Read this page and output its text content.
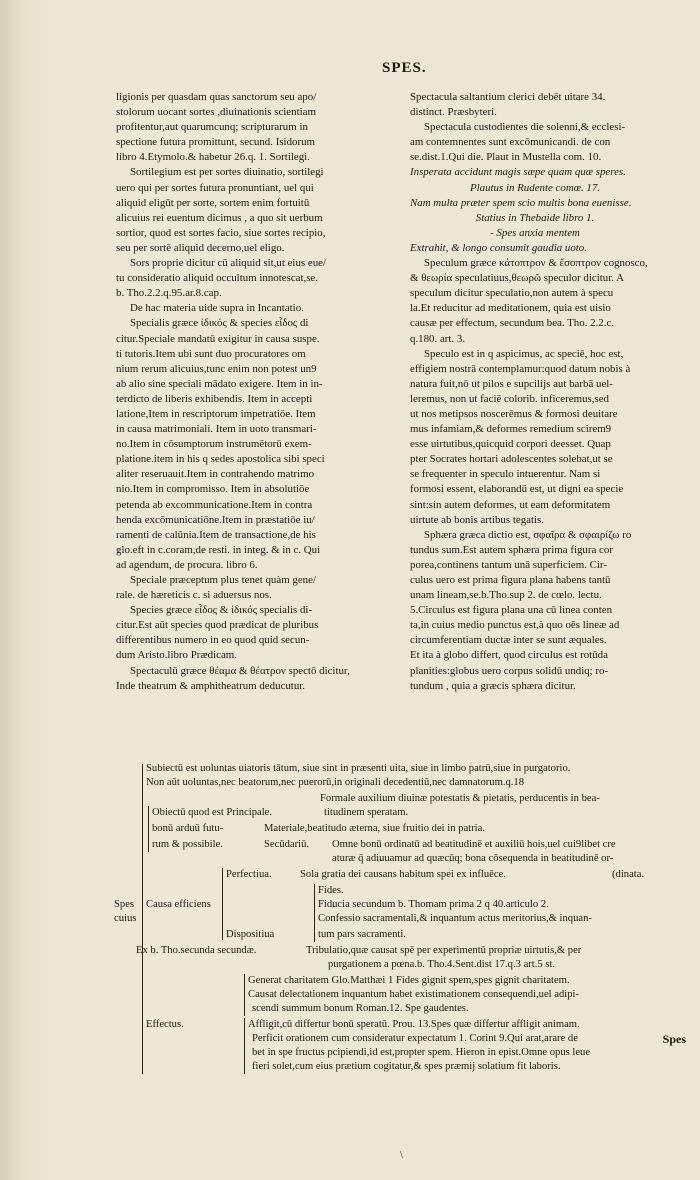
SPES.

ligionis per quasdam quas sanctorum seu apo/

stolorum uocant sortes ,diuinationis scientiam

profitentur,aut quarumcunq; scripturarum in

spectione futura promittunt, secund. Isidorum

libro 4.Etymolo.& habetur 26.q. 1. Sortilegi.

Sortilegium est per sortes diuinatio, sortilegi

uero qui per sortes futura pronuntiant, uel qui

aliquid eligūt per sorte, sortem enim fortuitū

alicuius rei euentum dicimus , a quo sit uerbum

sortior, quod est sortes facio, siue sortes recipio,

seu per sortē aliquid decerno,uel eligo.

Sors proprie dicitur cū aliquid sit,ut eius eue/

tu consideratio aliquid occultum innotescat,se.

b. Tho.2.2.q.95.ar.8.cap.

De hac materia uide supra in Incantatio.

Specialis græce ἰδικός & species εἶδος di

citur.Speciale mandatū exigitur in causa suspe.

ti tutoris.Item ubi sunt duo procuratores om

nium rerum alicuius,tunc enim non potest un9

ab alio sine speciali mādato exigere. Item in in-

terdicto de liberis exhibendis. Item in accepti

latione,Item in rescriptorum impetratiōe. Item

in causa matrimoniali. Item in uoto transmari-

no.Item in cōsumptorum instrumētorū exem-

platione.item in his q sedes apostolica sibi speci

aliter reseruauit.Item in contrahendo matrimo

nio.Item in compromisso. Item in absolutiōe

petenda ab excommunicatione.Item in contra

henda excōmunicatiōne.Item in præstatiōe iu/

ramenti de calūnia.Item de transactione,de his

glo.eft in c.coram,de resti. in integ. & in c. Qui

ad agendum, de procura. libro 6.

Speciale præceptum plus tenet quàm gene/

rale. de hæreticis c. si aduersus nos.

Species græce εἶδος & ἰδικός specialis di-

citur.Est aūt species quod prædicat de pluribus

differentibus numero in eo quod quid secun-

dum Aristo.libro Prædicam.

Spectaculū græce θέαμα & θέατρον spectō dicitur,

Inde theatrum & amphitheatrum deducutur.

Spectacula saltantium clerici debēt uitare 34.

distinct. Præsbyteri.

Spectacula custodientes die solenni,& ecclesi-

am contemnentes sunt excōmunicandi. de con

se.dist.1.Qui die. Plaut in Mustella com. 10.

Insperata accidunt magis sæpe quam quæ speres.

Plautus in Rudente comœ. 17.

Nam multa præter spem scio multis bona euenisse.

Statius in Thebaide libro 1.

- Spes anxia mentem

Extrahit, & longo consumit gaudia uoto.

Speculum græce κάτοπτρον & ἔσοπτρον cognosco,

& θεωρία speculatiuus,θεωρῶ speculor dicitur. A

speculum dicitur speculatio,non autem à specu

la.Et reducitur ad meditationem, quia est uisio

causæ per effectum, secundum bea. Tho. 2.2.c.

q.180. art. 3.

Speculo est in q aspicimus, ac speciē, hoc est,

effigiem nostrā contemplamur:quod datum nobis à

natura fuit,nō ut pilos e supcilijs aut barbā uel-

leremus, non ut faciē colorib. inficeremus,sed

ut nos metipsos noscerēmus & formosi deuitare

mus infamiam,& deformes remedium scirem9

esse uirtutibus,quicquid corpori deesset. Quap

pter Socrates hortari adolescentes solebat,ut se

se frequenter in speculo intuerentur. Nam si

formosi essent, elaborandū est, ut digni ea specie

sint:sin autem deformes, ut eam deformitatem

uirtute ab bonis artibus tegatis.

Sphæra græca dictio est, σφαῖρα & σφαιρίζω ro

tundus sum.Est autem sphæra prima figura cor

porea,continens tantum unā superficiem. Cir-

culus uero est prima figura plana habens tantū

unam lineam,se.b.Tho.sup 2. de cœlo. lectu.

5.Circulus est figura plana una cū linea conten

ta,in cuius medio punctus est,à quo oēs lineæ ad

circumferentiam ductæ inter se sunt æquales.

Et ita à globo differt, quod circulus est rotūda

planities:globus uero corpus solidū undiq; ro-

tundum , quia a græcis sphæra dicitur.

Subiectū est uoluntas uiatoris tātum, siue sint in præsenti uita, siue in limbo patrū,siue in purgatorio.
Non aūt uoluntas,nec beatorum,nec puerorū,in originali decedentiū,nec damnatorum.q.18
Formale auxilium diuinæ potestatis & pietatis, perducentis in bea-
Obiectū quod est Principale.	titudinem speratam.
bonū arduū futu-	Materiale,beatitudo æterna, siue fruitio dei in patria.
rum & possibile.	Secūdariū. Omne bonū ordinatū ad beatitudinē et auxiliū hois,uel cui9libet cre
aturæ q̄ adiuuamur ad quæcūq; bona cōsequenda in beatitudinē or-
Perfectiua.	Sola gratia dei causans habitum spei ex influēce.	(dinata.
Fides.
Spes Causa efficiens	Fiducia secundum b. Thomam prima 2 q 40.articulo 2.
cuius	Confessio sacramentali,& inquantum actus meritorius,& inquan-
Dispositiua	tum pars sacramenti.
Ex b. Tho.secunda secundæ.	Tribulatio,quæ causat spē per experimentū propriæ uirtutis,& per
purgationem a pœna.b. Tho.4.Sent.dist 17.q.3 art.5 st.
Generat charitatem Glo.Matthæi 1 Fides gignit spem,spes gignit charitatem.
Causat delectationem inquantum habet existimationem consequendi,uel adipi-
scendi summum bonum Roman.12. Spe gaudentes.
Effectus.	Affligit,cū differtur bonū speratū. Prou. 13.Spes quæ differtur affligit animam.
Perficit orationem cum consideratur expectatum 1. Corint 9.Qui arat,arare de
bet in spe fructus pcipiendi,id est,propter spem. Hieron in epist.Omne opus leue
fieri solet,cum eius prætium cogitatur,& spes præmij solatium fit laboris.
Spes
\
